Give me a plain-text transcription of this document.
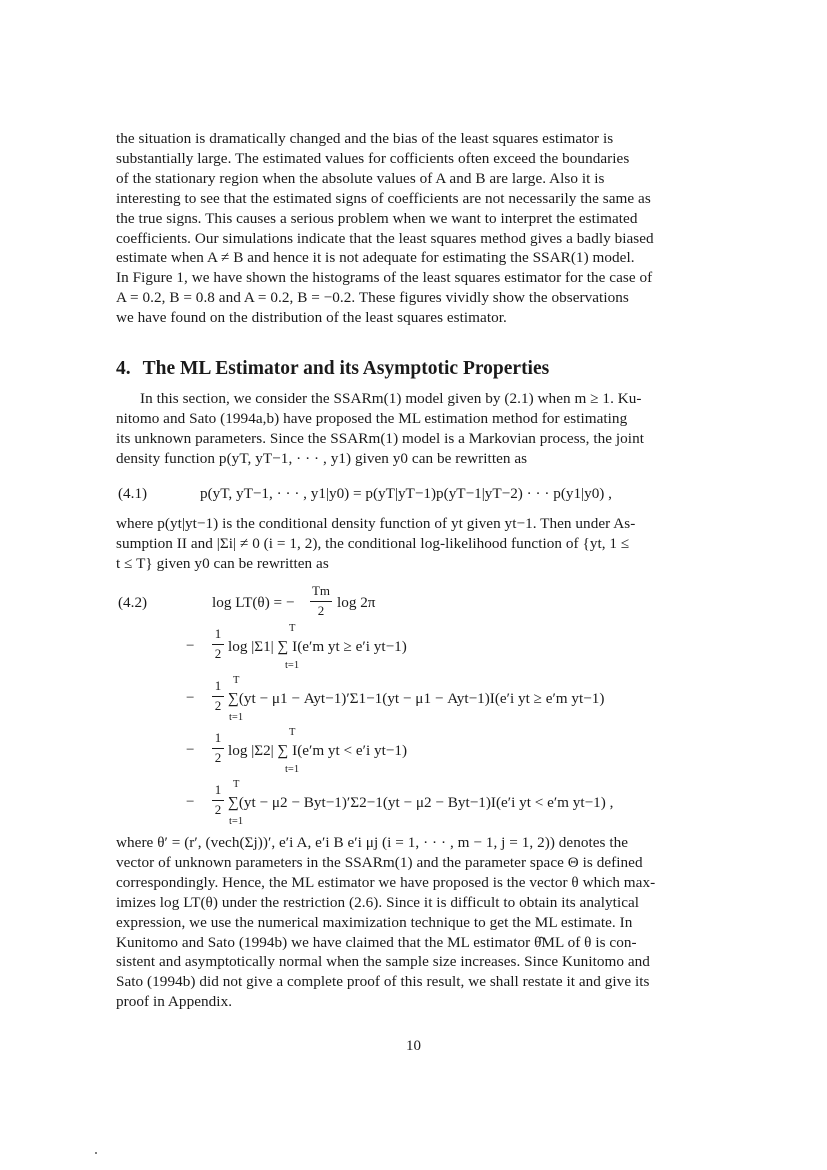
the situation is dramatically changed and the bias of the least squares estimator is
substantially large. The estimated values for cofficients often exceed the boundaries
of the stationary region when the absolute values of A and B are large. Also it is
interesting to see that the estimated signs of coefficients are not necessarily the same as
the true signs. This causes a serious problem when we want to interpret the estimated
coefficients. Our simulations indicate that the least squares method gives a badly biased
estimate when A ≠ B and hence it is not adequate for estimating the SSAR(1) model.
In Figure 1, we have shown the histograms of the least squares estimator for the case of
A = 0.2, B = 0.8 and A = 0.2, B = −0.2. These figures vividly show the observations
we have found on the distribution of the least squares estimator.
4. The ML Estimator and its Asymptotic Properties
In this section, we consider the SSARm(1) model given by (2.1) when m ≥ 1. Ku-
nitomo and Sato (1994a,b) have proposed the ML estimation method for estimating
its unknown parameters. Since the SSARm(1) model is a Markovian process, the joint
density function p(yT, yT−1, · · · , y1) given y0 can be rewritten as
(4.1)	p(yT, yT−1, · · · , y1|y0) = p(yT|yT−1)p(yT−1|yT−2) · · · p(y1|y0) ,
where p(yt|yt−1) is the conditional density function of yt given yt−1. Then under As-
sumption II and |Σi| ≠ 0 (i = 1, 2), the conditional log-likelihood function of {yt, 1 ≤
t ≤ T} given y0 can be rewritten as
(4.2)	log LT(θ) = −
Tm
2 log 2π
−
1
2
T
t=1
log |Σ1| ∑ I(e′m yt ≥ e′i yt−1)
−
1
2
T
t=1
∑(yt − μ1 − Ayt−1)′Σ1−1(yt − μ1 − Ayt−1)I(e′i yt ≥ e′m yt−1)
−
1
2
T
t=1
log |Σ2| ∑ I(e′m yt < e′i yt−1)
−
1
2
T
t=1
∑(yt − μ2 − Byt−1)′Σ2−1(yt − μ2 − Byt−1)I(e′i yt < e′m yt−1) ,
where θ′ = (r′, (vech(Σj))′, e′i A, e′i B e′i μj (i = 1, · · · , m − 1, j = 1, 2)) denotes the
vector of unknown parameters in the SSARm(1) and the parameter space Θ is defined
correspondingly. Hence, the ML estimator we have proposed is the vector θ which max-
imizes log LT(θ) under the restriction (2.6). Since it is difficult to obtain its analytical
expression, we use the numerical maximization technique to get the ML estimate. In
Kunitomo and Sato (1994b) we have claimed that the ML estimator θ̂ML of θ is con-
sistent and asymptotically normal when the sample size increases. Since Kunitomo and
Sato (1994b) did not give a complete proof of this result, we shall restate it and give its
proof in Appendix.
10
